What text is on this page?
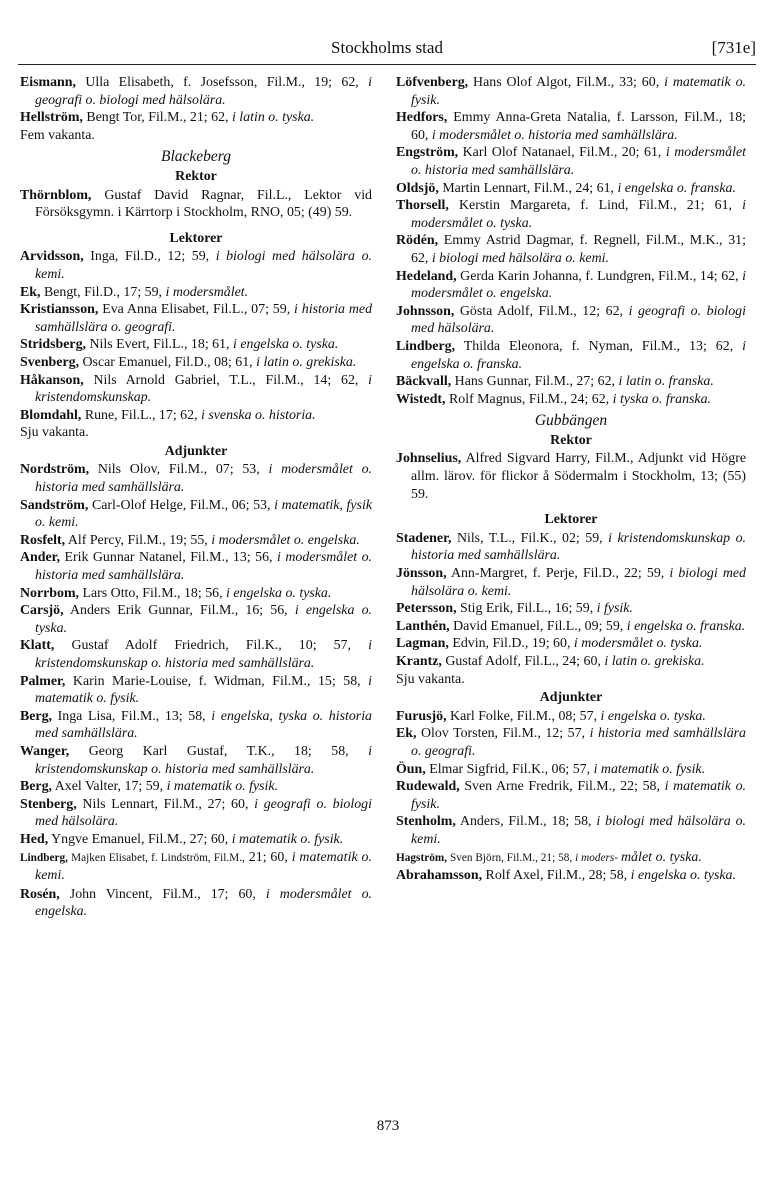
Stockholms stad	[731e]
Eismann, Ulla Elisabeth, f. Josefsson, Fil.M., 19; 62, i geografi o. biologi med hälsolära.
Hellström, Bengt Tor, Fil.M., 21; 62, i latin o. tyska.
Fem vakanta.
Blackeberg
Rektor
Thörnblom, Gustaf David Ragnar, Fil.L., Lektor vid Försöksgymn. i Kärrtorp i Stockholm, RNO, 05; (49) 59.
Lektorer
Arvidsson, Inga, Fil.D., 12; 59, i biologi med hälsolära o. kemi.
Ek, Bengt, Fil.D., 17; 59, i modersmålet.
Kristiansson, Eva Anna Elisabet, Fil.L., 07; 59, i historia med samhällslära o. geografi.
Stridsberg, Nils Evert, Fil.L., 18; 61, i engelska o. tyska.
Svenberg, Oscar Emanuel, Fil.D., 08; 61, i latin o. grekiska.
Håkanson, Nils Arnold Gabriel, T.L., Fil.M., 14; 62, i kristendomskunskap.
Blomdahl, Rune, Fil.L., 17; 62, i svenska o. historia.
Sju vakanta.
Adjunkter
Nordström, Nils Olov, Fil.M., 07; 53, i modersmålet o. historia med samhällslära.
Sandström, Carl-Olof Helge, Fil.M., 06; 53, i matematik, fysik o. kemi.
Rosfelt, Alf Percy, Fil.M., 19; 55, i modersmålet o. engelska.
Ander, Erik Gunnar Natanel, Fil.M., 13; 56, i modersmålet o. historia med samhällslära.
Norrbom, Lars Otto, Fil.M., 18; 56, i engelska o. tyska.
Carsjö, Anders Erik Gunnar, Fil.M., 16; 56, i engelska o. tyska.
Klatt, Gustaf Adolf Friedrich, Fil.K., 10; 57, i kristendomskunskap o. historia med samhällslära.
Palmer, Karin Marie-Louise, f. Widman, Fil.M., 15; 58, i matematik o. fysik.
Berg, Inga Lisa, Fil.M., 13; 58, i engelska, tyska o. historia med samhällslära.
Wanger, Georg Karl Gustaf, T.K., 18; 58, i kristendomskunskap o. historia med samhällslära.
Berg, Axel Valter, 17; 59, i matematik o. fysik.
Stenberg, Nils Lennart, Fil.M., 27; 60, i geografi o. biologi med hälsolära.
Hed, Yngve Emanuel, Fil.M., 27; 60, i matematik o. fysik.
Lindberg, Majken Elisabet, f. Lindström, Fil.M., 21; 60, i matematik o. kemi.
Rosén, John Vincent, Fil.M., 17; 60, i modersmålet o. engelska.
Löfvenberg, Hans Olof Algot, Fil.M., 33; 60, i matematik o. fysik.
Hedfors, Emmy Anna-Greta Natalia, f. Larsson, Fil.M., 18; 60, i modersmålet o. historia med samhällslära.
Engström, Karl Olof Natanael, Fil.M., 20; 61, i modersmålet o. historia med samhällslära.
Oldsjö, Martin Lennart, Fil.M., 24; 61, i engelska o. franska.
Thorsell, Kerstin Margareta, f. Lind, Fil.M., 21; 61, i modersmålet o. tyska.
Rödén, Emmy Astrid Dagmar, f. Regnell, Fil.M., M.K., 31; 62, i biologi med hälsolära o. kemi.
Hedeland, Gerda Karin Johanna, f. Lundgren, Fil.M., 14; 62, i modersmålet o. engelska.
Johnsson, Gösta Adolf, Fil.M., 12; 62, i geografi o. biologi med hälsolära.
Lindberg, Thilda Eleonora, f. Nyman, Fil.M., 13; 62, i engelska o. franska.
Bäckvall, Hans Gunnar, Fil.M., 27; 62, i latin o. franska.
Wistedt, Rolf Magnus, Fil.M., 24; 62, i tyska o. franska.
Gubbängen
Rektor
Johnselius, Alfred Sigvard Harry, Fil.M., Adjunkt vid Högre allm. lärov. för flickor å Södermalm i Stockholm, 13; (55) 59.
Lektorer
Stadener, Nils, T.L., Fil.K., 02; 59, i kristendomskunskap o. historia med samhällslära.
Jönsson, Ann-Margret, f. Perje, Fil.D., 22; 59, i biologi med hälsolära o. kemi.
Petersson, Stig Erik, Fil.L., 16; 59, i fysik.
Lanthén, David Emanuel, Fil.L., 09; 59, i engelska o. franska.
Lagman, Edvin, Fil.D., 19; 60, i modersmålet o. tyska.
Krantz, Gustaf Adolf, Fil.L., 24; 60, i latin o. grekiska.
Sju vakanta.
Adjunkter
Furusjö, Karl Folke, Fil.M., 08; 57, i engelska o. tyska.
Ek, Olov Torsten, Fil.M., 12; 57, i historia med samhällslära o. geografi.
Öun, Elmar Sigfrid, Fil.K., 06; 57, i matematik o. fysik.
Rudewald, Sven Arne Fredrik, Fil.M., 22; 58, i matematik o. fysik.
Stenholm, Anders, Fil.M., 18; 58, i biologi med hälsolära o. kemi.
Hagström, Sven Björn, Fil.M., 21; 58, i moders- målet o. tyska.
Abrahamsson, Rolf Axel, Fil.M., 28; 58, i engelska o. tyska.
873
